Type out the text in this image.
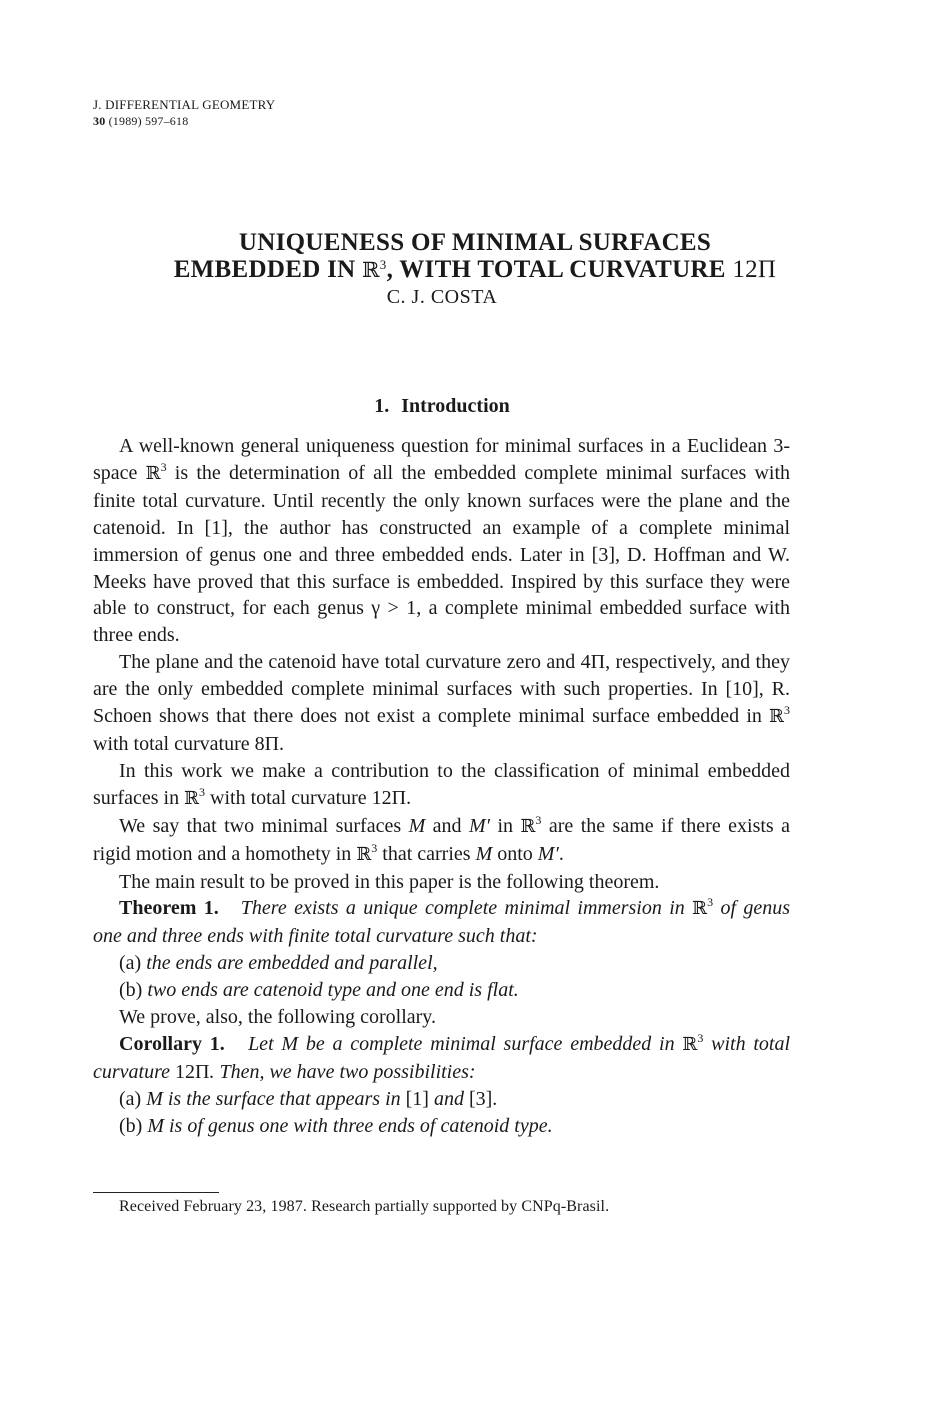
J. DIFFERENTIAL GEOMETRY
30 (1989) 597–618
UNIQUENESS OF MINIMAL SURFACES
EMBEDDED IN ℝ$^3$, WITH TOTAL CURVATURE 12Π
C. J. COSTA
1. Introduction

A well-known general uniqueness question for minimal surfaces in a Euclidean 3-space ℝ$^3$ is the determination of all the embedded complete minimal surfaces with finite total curvature. Until recently the only known surfaces were the plane and the catenoid. In [1], the author has constructed an example of a complete minimal immersion of genus one and three embedded ends. Later in [3], D. Hoffman and W. Meeks have proved that this surface is embedded. Inspired by this surface they were able to construct, for each genus γ > 1, a complete minimal embedded surface with three ends.

The plane and the catenoid have total curvature zero and 4Π, respectively, and they are the only embedded complete minimal surfaces with such properties. In [10], R. Schoen shows that there does not exist a complete minimal surface embedded in ℝ$^3$ with total curvature 8Π.

In this work we make a contribution to the classification of minimal embedded surfaces in ℝ$^3$ with total curvature 12Π.

We say that two minimal surfaces M and M′ in ℝ$^3$ are the same if there exists a rigid motion and a homothety in ℝ$^3$ that carries M onto M′.

The main result to be proved in this paper is the following theorem.

Theorem 1. There exists a unique complete minimal immersion in ℝ$^3$ of genus one and three ends with finite total curvature such that:

(a) the ends are embedded and parallel,

(b) two ends are catenoid type and one end is flat.

We prove, also, the following corollary.

Corollary 1. Let M be a complete minimal surface embedded in ℝ$^3$ with total curvature 12Π. Then, we have two possibilities:

(a) M is the surface that appears in [1] and [3].

(b) M is of genus one with three ends of catenoid type.

Received February 23, 1987. Research partially supported by CNPq-Brasil.
